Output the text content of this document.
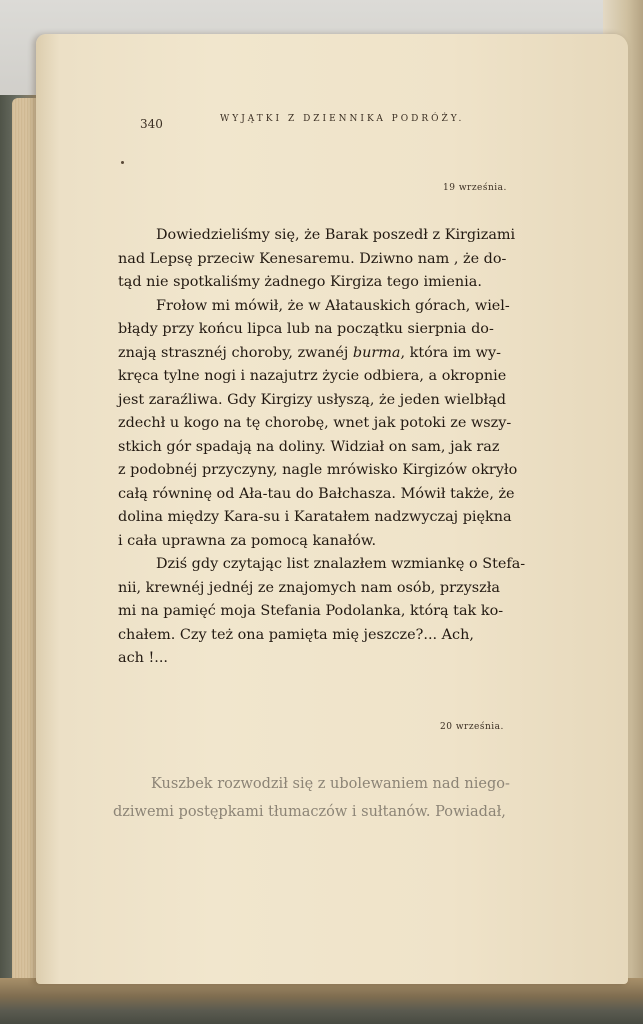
340	WYJĄTKI Z DZIENNIKA PODRÓŻY.
19 września.
Dowiedzieliśmy się, że Barak poszedł z Kirgizami
nad Lepsę przeciw Kenesaremu. Dziwno nam , że do-
tąd nie spotkaliśmy żadnego Kirgiza tego imienia.
Frołow mi mówił, że w Ałatauskich górach, wiel-
błądy przy końcu lipca lub na początku sierpnia do-
znają strasznéj choroby, zwanéj burma, która im wy-
kręca tylne nogi i nazajutrz życie odbiera, a okropnie
jest zaraźliwa. Gdy Kirgizy usłyszą, że jeden wielbłąd
zdechł u kogo na tę chorobę, wnet jak potoki ze wszy-
stkich gór spadają na doliny. Widział on sam, jak raz
z podobnéj przyczyny, nagle mrówisko Kirgizów okryło
całą równinę od Ała-tau do Bałchasza. Mówił także, że
dolina między Kara-su i Karatałem nadzwyczaj piękna
i cała uprawna za pomocą kanałów.
Dziś gdy czytając list znalazłem wzmiankę o Stefa-
nii, krewnéj jednéj ze znajomych nam osób, przyszła
mi na pamięć moja Stefania Podolanka, którą tak ko-
chałem. Czy też ona pamięta mię jeszcze?... Ach,
ach !...
20 września.
Kuszbek rozwodził się z ubolewaniem nad niego-
dziwemi postępkami tłumaczów i sułtanów. Powiadał,
